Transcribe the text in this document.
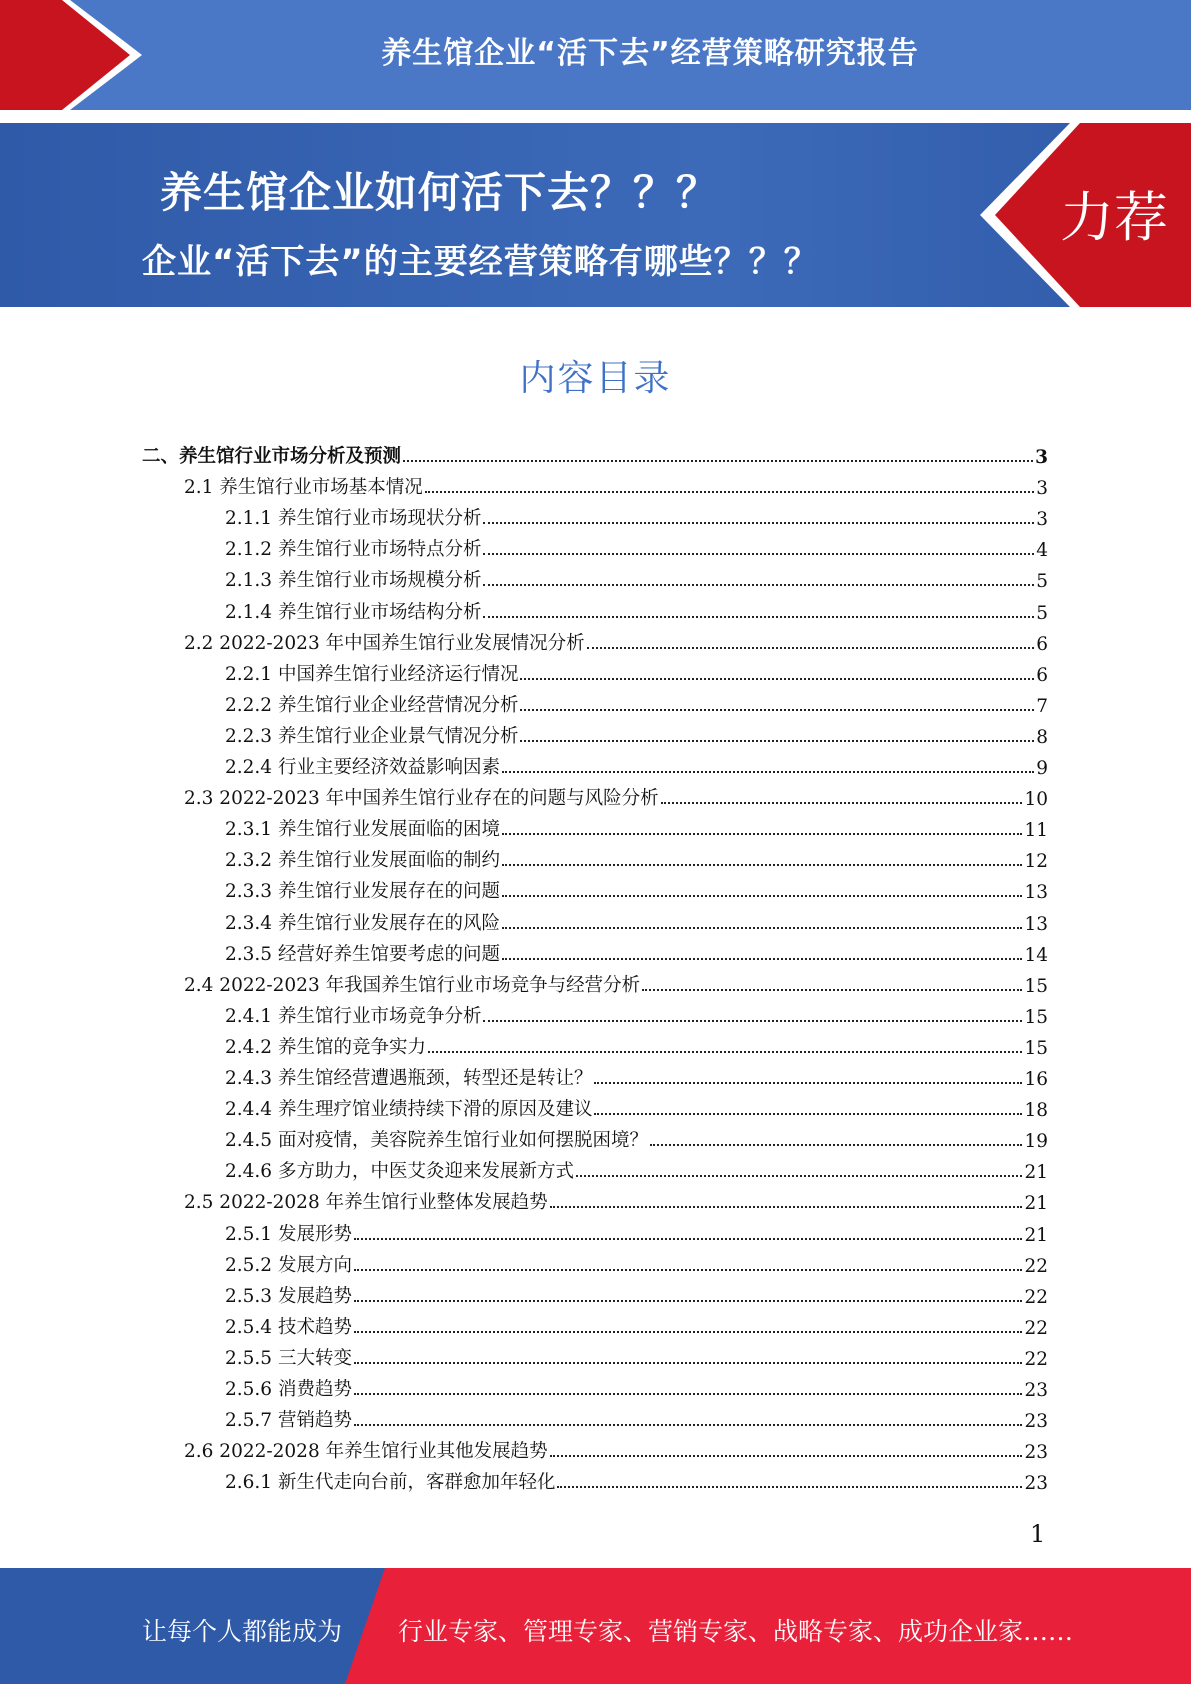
养生馆企业“活下去”经营策略研究报告
养生馆企业如何活下去？？？
企业“活下去”的主要经营策略有哪些？？？
力荐
内容目录
二、养生馆行业市场分析及预测	3
2.1 养生馆行业市场基本情况	3
2.1.1 养生馆行业市场现状分析	3
2.1.2 养生馆行业市场特点分析	4
2.1.3 养生馆行业市场规模分析	5
2.1.4 养生馆行业市场结构分析	5
2.2 2022-2023 年中国养生馆行业发展情况分析	6
2.2.1 中国养生馆行业经济运行情况	6
2.2.2 养生馆行业企业经营情况分析	7
2.2.3 养生馆行业企业景气情况分析	8
2.2.4 行业主要经济效益影响因素	9
2.3 2022-2023 年中国养生馆行业存在的问题与风险分析	10
2.3.1 养生馆行业发展面临的困境	11
2.3.2 养生馆行业发展面临的制约	12
2.3.3 养生馆行业发展存在的问题	13
2.3.4 养生馆行业发展存在的风险	13
2.3.5 经营好养生馆要考虑的问题	14
2.4 2022-2023 年我国养生馆行业市场竞争与经营分析	15
2.4.1 养生馆行业市场竞争分析	15
2.4.2 养生馆的竞争实力	15
2.4.3 养生馆经营遭遇瓶颈，转型还是转让？	16
2.4.4 养生理疗馆业绩持续下滑的原因及建议	18
2.4.5 面对疫情，美容院养生馆行业如何摆脱困境？	19
2.4.6 多方助力，中医艾灸迎来发展新方式	21
2.5 2022-2028 年养生馆行业整体发展趋势	21
2.5.1 发展形势	21
2.5.2 发展方向	22
2.5.3 发展趋势	22
2.5.4 技术趋势	22
2.5.5 三大转变	22
2.5.6 消费趋势	23
2.5.7 营销趋势	23
2.6 2022-2028 年养生馆行业其他发展趋势	23
2.6.1 新生代走向台前，客群愈加年轻化	23
1
让每个人都能成为 行业专家、管理专家、营销专家、战略专家、成功企业家……
